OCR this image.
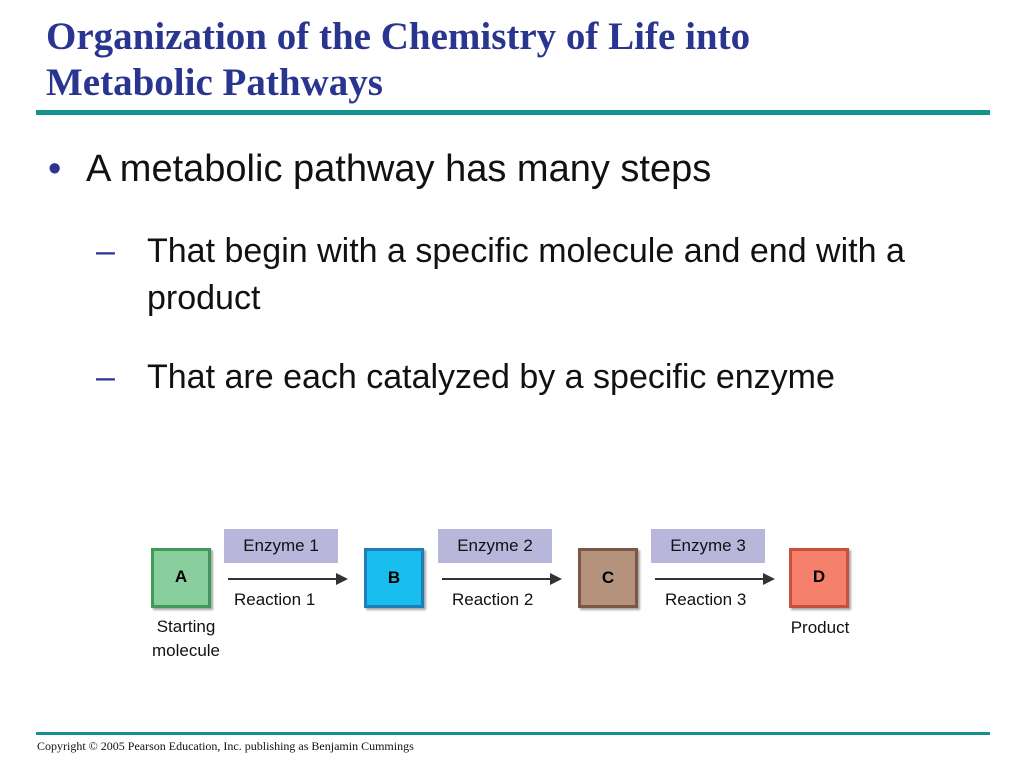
Organization of the Chemistry of Life into
Metabolic Pathways
• A metabolic pathway has many steps
– That begin with a specific molecule and end with a product
– That are each catalyzed by a specific enzyme
Enzyme 1	Enzyme 2	Enzyme 3
A	B	C	D
Reaction 1	Reaction 2	Reaction 3
Starting
molecule
Product
Copyright © 2005 Pearson Education, Inc. publishing as Benjamin Cummings
